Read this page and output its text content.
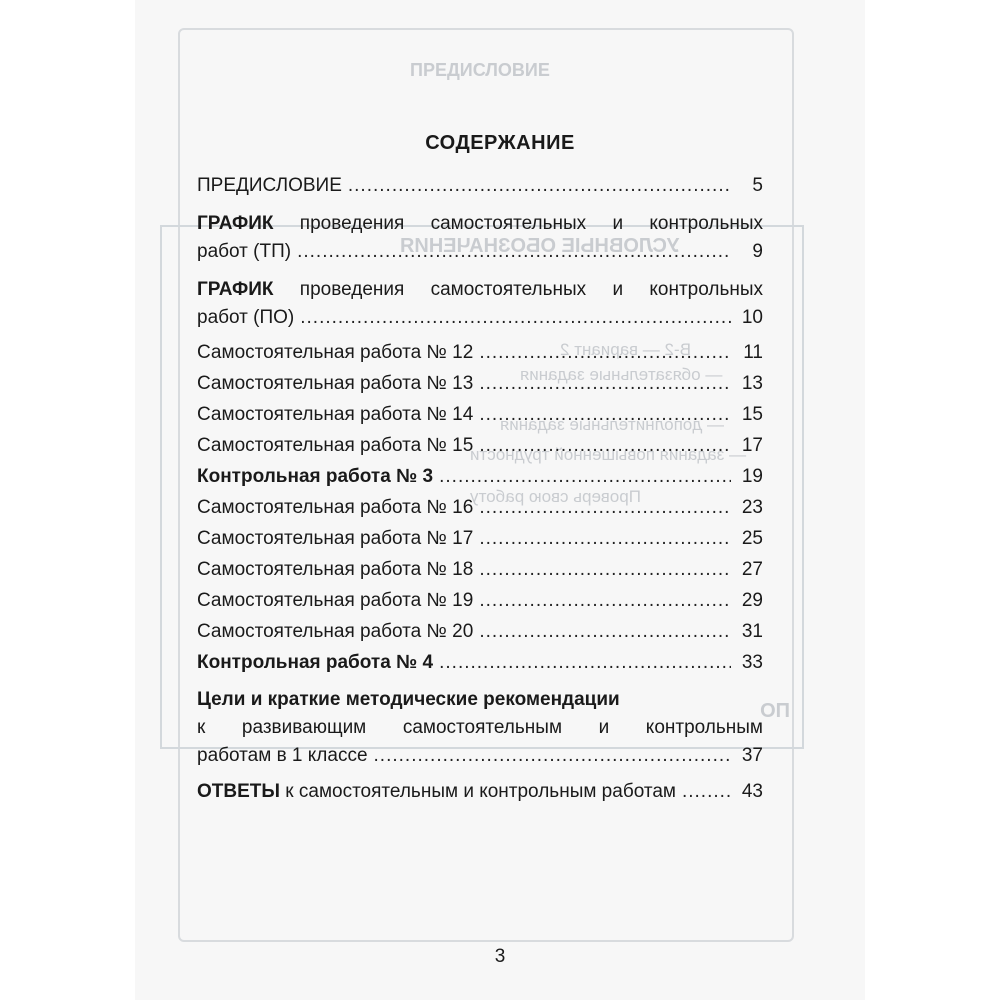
ПРЕДИСЛОВИЕ
УСЛОВНЫЕ ОБОЗНАЧЕНИЯ
В-2 — вариант 2
— обязательные задания
— дополнительные задания
— задания повышенной трудности
Проверь свою работу
ПО
СОДЕРЖАНИЕ
ПРЕДИСЛОВИЕ .....	5
ГРАФИК проведения самостоятельных и контрольных
работ (ТП) .....	9
ГРАФИК проведения самостоятельных и контрольных
работ (ПО) .....	10
Самостоятельная работа № 12 .....	11
Самостоятельная работа № 13 .....	13
Самостоятельная работа № 14 .....	15
Самостоятельная работа № 15 .....	17
Контрольная работа № 3 .....	19
Самостоятельная работа № 16 .....	23
Самостоятельная работа № 17 .....	25
Самостоятельная работа № 18 .....	27
Самостоятельная работа № 19 .....	29
Самостоятельная работа № 20 .....	31
Контрольная работа № 4 .....	33
Цели и краткие методические рекомендации
к развивающим самостоятельным и контрольным
работам в 1 классе .....	37
ОТВЕТЫ к самостоятельным и контрольным работам .....	43
3
